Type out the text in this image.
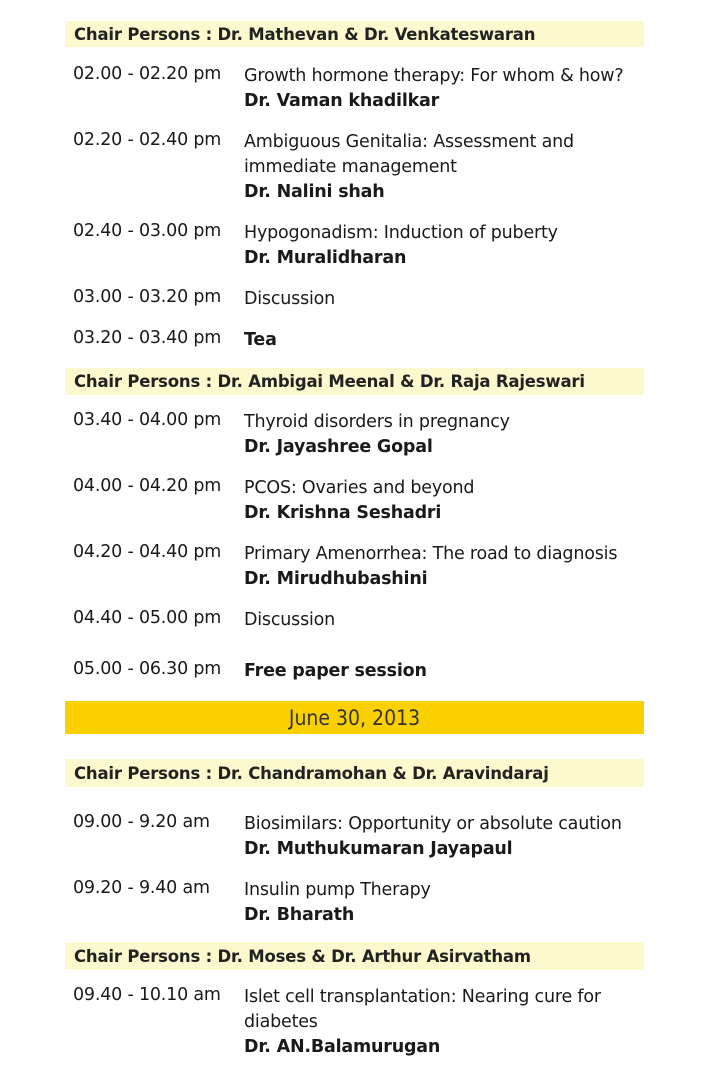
Chair Persons : Dr. Mathevan & Dr. Venkateswaran
02.00 - 02.20 pm Growth hormone therapy: For whom & how?
Dr. Vaman khadilkar
02.20 - 02.40 pm Ambiguous Genitalia: Assessment and immediate management
Dr. Nalini shah
02.40 - 03.00 pm Hypogonadism: Induction of puberty
Dr. Muralidharan
03.00 - 03.20 pm Discussion
03.20 - 03.40 pm Tea
Chair Persons : Dr. Ambigai Meenal & Dr. Raja Rajeswari
03.40 - 04.00 pm Thyroid disorders in pregnancy
Dr. Jayashree Gopal
04.00 - 04.20 pm PCOS: Ovaries and beyond
Dr. Krishna Seshadri
04.20 - 04.40 pm Primary Amenorrhea: The road to diagnosis
Dr. Mirudhubashini
04.40 - 05.00 pm Discussion
05.00 - 06.30 pm Free paper session
June 30, 2013
Chair Persons : Dr. Chandramohan & Dr. Aravindaraj
09.00 - 9.20 am Biosimilars: Opportunity or absolute caution
Dr. Muthukumaran Jayapaul
09.20 - 9.40 am Insulin pump Therapy
Dr. Bharath
Chair Persons : Dr. Moses & Dr. Arthur Asirvatham
09.40 - 10.10 am Islet cell transplantation: Nearing cure for diabetes
Dr. AN.Balamurugan
